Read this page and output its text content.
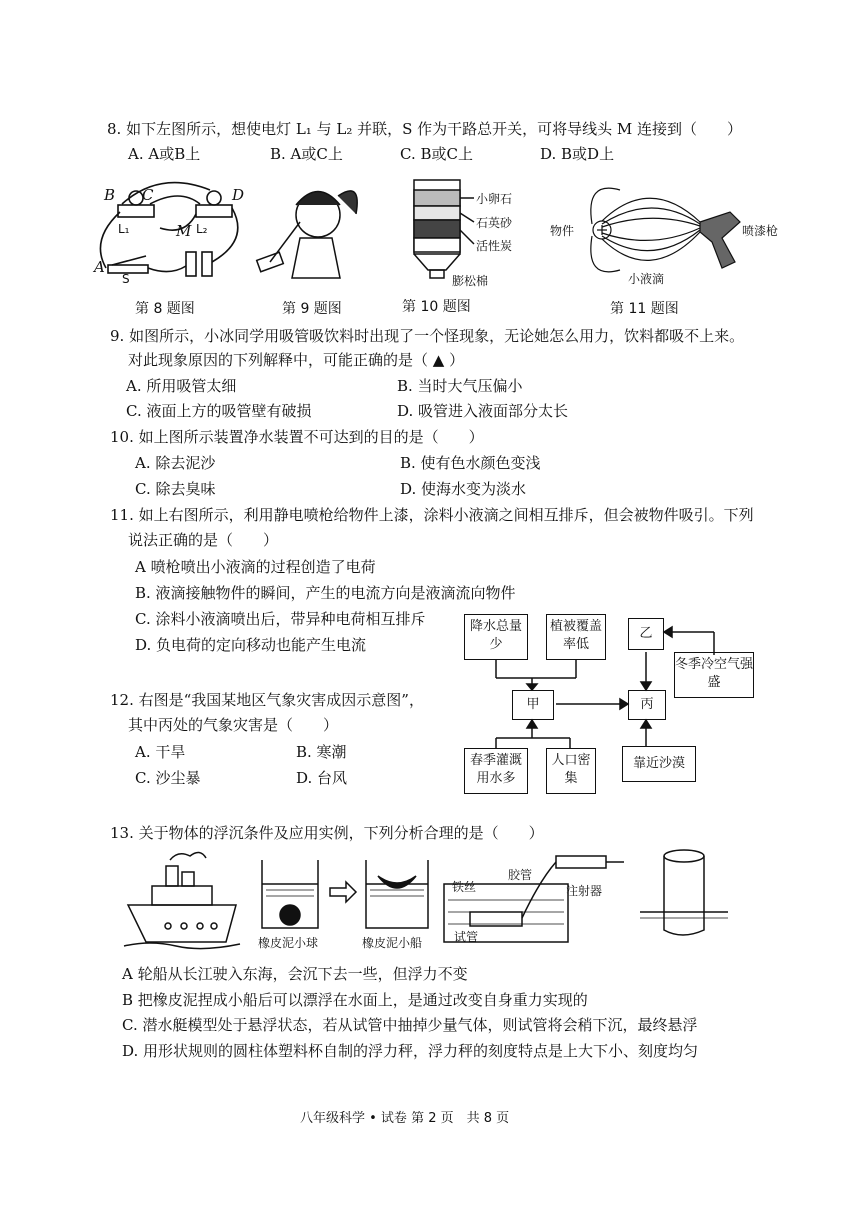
8. 如下左图所示，想使电灯 L₁ 与 L₂ 并联，S 作为干路总开关，可将导线头 M 连接到（　　）
A. A或B上	B. A或C上	C. B或C上	D. B或D上
B C	D
A
M
L₁	L₂
S
第 8 题图	第 9 题图
小卵石
石英砂
活性炭
膨松棉
第 10 题图
物件	喷漆枪
小液滴
第 11 题图
9. 如图所示，小冰同学用吸管吸饮料时出现了一个怪现象，无论她怎么用力，饮料都吸不上来。
对此现象原因的下列解释中，可能正确的是（ ▲ ）
A. 所用吸管太细	B. 当时大气压偏小
C. 液面上方的吸管壁有破损	D. 吸管进入液面部分太长
10. 如上图所示装置净水装置不可达到的目的是（　　）
A. 除去泥沙	B. 使有色水颜色变浅
C. 除去臭味	D. 使海水变为淡水
11. 如上右图所示，利用静电喷枪给物件上漆，涂料小液滴之间相互排斥，但会被物件吸引。下列
说法正确的是（　　）
A 喷枪喷出小液滴的过程创造了电荷
B. 液滴接触物件的瞬间，产生的电流方向是液滴流向物件
C. 涂料小液滴喷出后，带异种电荷相互排斥
D. 负电荷的定向移动也能产生电流
12. 右图是“我国某地区气象灾害成因示意图”，
其中丙处的气象灾害是（　　）
A. 干旱	B. 寒潮
C. 沙尘暴	D. 台风
降水总量少
植被覆盖率低
乙
冬季冷空气强盛
甲	丙
春季灌溉用水多
人口密集
靠近沙漠
13. 关于物体的浮沉条件及应用实例，下列分析合理的是（　　）
橡皮泥小球	橡皮泥小船
铁丝
胶管
注射器
试管
A 轮船从长江驶入东海，会沉下去一些，但浮力不变
B 把橡皮泥捏成小船后可以漂浮在水面上，是通过改变自身重力实现的
C. 潜水艇模型处于悬浮状态，若从试管中抽掉少量气体，则试管将会稍下沉，最终悬浮
D. 用形状规则的圆柱体塑料杯自制的浮力秤，浮力秤的刻度特点是上大下小、刻度均匀
八年级科学 • 试卷 第 2 页　共 8 页
